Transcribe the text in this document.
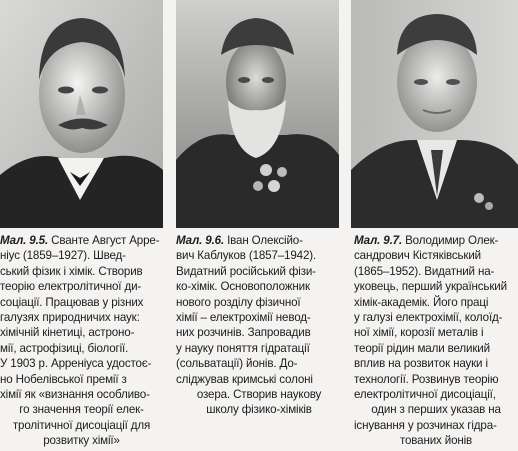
Мал. 9.5. Сванте Август Арре-

ніус (1859–1927). Швед-

ський фізик і хімік. Створив

теорію електролітичної ди-

соціації. Працював у різних

галузях природничих наук:

хімічній кінетиці, астроно-

мії, астрофізиці, біології.

У 1903 р. Арреніуса удостоє-

но Нобелівської премії з

хімії як «визнання особливо-

го значення теорії елек-

тролітичної дисоціації для

розвитку хімії»

Мал. 9.6. Іван Олексійо-

вич Каблуков (1857–1942).

Видатний російський фізи-

ко-хімік. Основоположник

нового розділу фізичної

хімії – електрохімії невод-

них розчинів. Запровадив

у науку поняття гідратації

(сольватації) йонів. До-

сліджував кримські солоні

озера. Створив наукову

школу фізико-хіміків

Мал. 9.7. Володимир Олек-

сандрович Кістяківський

(1865–1952). Видатний на-

уковець, перший український

хімік-академік. Його праці

у галузі електрохімії, колоїд-

ної хімії, корозії металів і

теорії рідин мали великий

вплив на розвиток науки і

технології. Розвинув теорію

електролітичної дисоціації,

один з перших указав на

існування у розчинах гідра-

тованих йонів
